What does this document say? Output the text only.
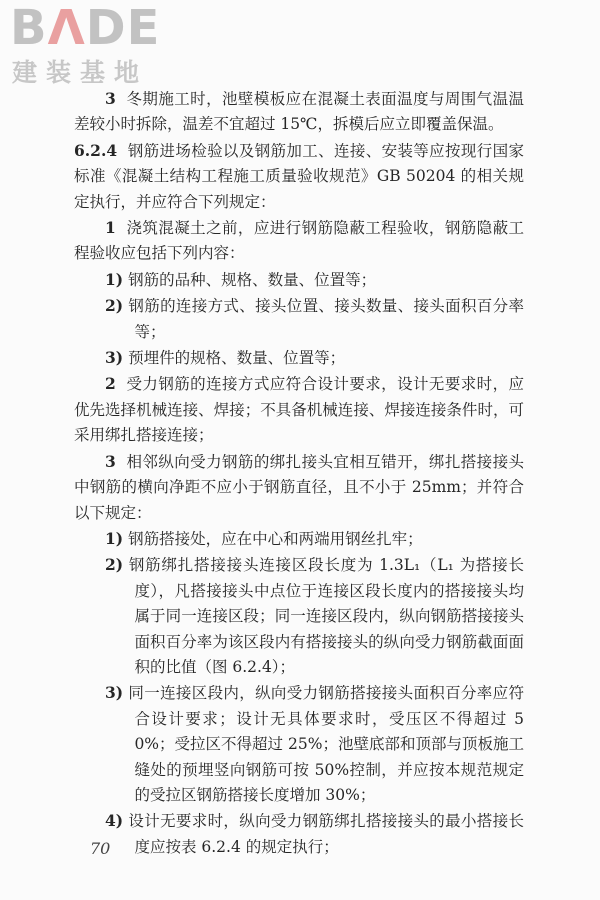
BΛDE
建装基地

3 冬期施工时，池壁模板应在混凝土表面温度与周围气温温差较小时拆除，温差不宜超过 15℃，拆模后应立即覆盖保温。

6.2.4 钢筋进场检验以及钢筋加工、连接、安装等应按现行国家标准《混凝土结构工程施工质量验收规范》GB 50204 的相关规定执行，并应符合下列规定：

1 浇筑混凝土之前，应进行钢筋隐蔽工程验收，钢筋隐蔽工程验收应包括下列内容：

1) 钢筋的品种、规格、数量、位置等；

2) 钢筋的连接方式、接头位置、接头数量、接头面积百分率等；

3) 预埋件的规格、数量、位置等；

2 受力钢筋的连接方式应符合设计要求，设计无要求时，应优先选择机械连接、焊接；不具备机械连接、焊接连接条件时，可采用绑扎搭接连接；

3 相邻纵向受力钢筋的绑扎接头宜相互错开，绑扎搭接接头中钢筋的横向净距不应小于钢筋直径，且不小于 25mm；并符合以下规定：

1) 钢筋搭接处，应在中心和两端用钢丝扎牢；

2) 钢筋绑扎搭接接头连接区段长度为 1.3L₁（L₁ 为搭接长度），凡搭接接头中点位于连接区段长度内的搭接接头均属于同一连接区段；同一连接区段内，纵向钢筋搭接接头面积百分率为该区段内有搭接接头的纵向受力钢筋截面面积的比值（图 6.2.4）；

3) 同一连接区段内，纵向受力钢筋搭接接头面积百分率应符合设计要求；设计无具体要求时，受压区不得超过 50%；受拉区不得超过 25%；池壁底部和顶部与顶板施工缝处的预埋竖向钢筋可按 50%控制，并应按本规范规定的受拉区钢筋搭接长度增加 30%；

4) 设计无要求时，纵向受力钢筋绑扎搭接接头的最小搭接长度应按表 6.2.4 的规定执行；

70
